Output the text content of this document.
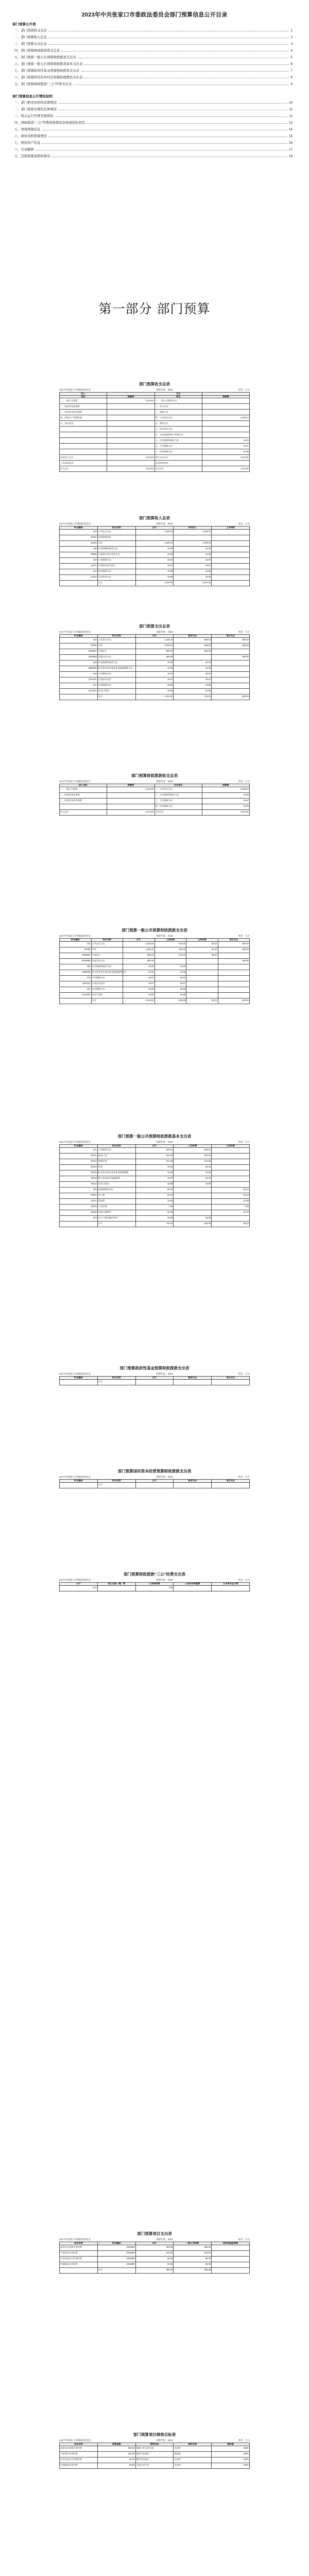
2023年中共张家口市委政法委员会部门预算信息公开目录
部门预算公开表
一、部门预算收支总表	1
二、部门预算收入总表	2
三、部门预算支出总表	3
四、部门预算财政拨款收支总表	4
五、部门预算一般公共预算财政拨款支出表	5
六、部门预算一般公共预算财政拨款基本支出表	6
七、部门预算政府性基金预算财政拨款支出表	7
八、部门预算国有资本经营预算财政拨款支出表	8
九、部门预算财政拨款“三公”经费支出表	9
部门预算信息公开情况说明
一、部门职责及机构设置情况	10
二、部门预算安排的总体情况	11
三、机关运行经费安排情况	12
四、财政拨款“三公”经费预算情况及增减变化原因	13
五、绩效预算信息	14
六、政府采购预算情况	15
七、国有资产信息	16
八、名词解释	17
九、其他需要说明的情况	18
第一部分 部门预算
部门预算收支总表
211中共张家口市委政法委员会	预算年度：2023	单位：万元
收入		支出	
项目	预算数	项目	预算数
一、一般公共预算	1,314.81	一、一般公共服务支出	
二、政府性基金预算		二、外交支出	
三、国有资本经营预算		三、国防支出	
四、财政专户管理资金		四、公共安全支出	1,239.24
五、单位资金		五、教育支出	
		六、科学技术支出	
		七、文化旅游体育与传媒支出	
		八、社会保障和就业支出	44.05
		九、卫生健康支出	15.57
		十、住房保障支出	15.95
本年收入合计	1,314.81	本年支出合计	1,314.81
上年结转结余		年终结转结余	
收入总计	1,314.81	支出总计	1,314.81
部门预算收入总表
211中共张家口市委政法委员会	预算年度：2023	单位：万元
科目编码	科目名称	合计	本年收入	上年结转
204	公共安全支出	1,239.24	1,239.24	
20401	武装警察部队			
20406	司法	1,239.24	1,239.24	
208	社会保障和就业支出	44.05	44.05	
20805	行政事业单位养老支出	44.05	44.05	
210	卫生健康支出	15.57	15.57	
21011	行政事业单位医疗	15.57	15.57	
221	住房保障支出	15.95	15.95	
22102	住房改革支出	15.95	15.95	
	合计	1,314.81	1,314.81	
部门预算支出总表
211中共张家口市委政法委员会	预算年度：2023	单位：万元
科目编码	科目名称	合计	基本支出	项目支出
204	公共安全支出	1,239.24	659.24	580.00
20406	司法	1,239.24	659.24	580.00
2040601	行政运行	659.24	659.24	
2040699	其他司法支出	580.00		580.00
208	社会保障和就业支出	44.05	44.05	
2080505	机关事业单位基本养老保险缴费支出	44.05	44.05	
210	卫生健康支出	15.57	15.57	
2101101	行政单位医疗	15.57	15.57	
221	住房保障支出	15.95	15.95	
2210201	住房公积金	15.95	15.95	
	合计	1,314.81	734.81	580.00
部门预算财政拨款收支总表
211中共张家口市委政法委员会	预算年度：2023	单位：万元
收入项目	预算数	支出项目	预算数
一、一般公共预算	1,314.81	一、公共安全支出	1,239.24
二、政府性基金预算		二、社会保障和就业支出	44.05
三、国有资本经营预算		三、卫生健康支出	15.57
		四、住房保障支出	15.95
收入总计	1,314.81	支出总计	1,314.81
部门预算一般公共预算财政拨款支出表
211中共张家口市委政法委员会	预算年度：2023	单位：万元
科目编码	科目名称	合计	人员经费	公用经费	项目支出
204	公共安全支出	1,239.24	570.02	89.22	580.00
20406	司法	1,239.24	570.02	89.22	580.00
2040601	行政运行	659.24	570.02	89.22	
2040699	其他司法支出	580.00			580.00
208	社会保障和就业支出	44.05	44.05		
2080505	机关事业单位基本养老保险缴费支出	44.05	44.05		
210	卫生健康支出	15.57	15.57		
2101101	行政单位医疗	15.57	15.57		
221	住房保障支出	15.95	15.95		
2210201	住房公积金	15.95	15.95		
	合计	1,314.81	645.59	89.22	580.00
部门预算一般公共预算财政拨款基本支出表
211中共张家口市委政法委员会	预算年度：2023	单位：万元
科目编码	科目名称	合计	人员经费	公用经费
301	工资福利支出	630.01	630.01	
30101	基本工资	182.20	182.20	
30102	津贴补贴	271.35	271.35	
30103	奖金	15.18	15.18	
30108	机关事业单位基本养老保险缴费	44.05	44.05	
30110	职工基本医疗保险缴费	15.57	15.57	
30113	住房公积金	15.95	15.95	
302	商品和服务支出	89.22		89.22
30201	办公费	20.10		20.10
30211	差旅费	10.00		10.00
30228	工会经费	7.80		7.80
30239	其他交通费用	32.40		32.40
303	对个人和家庭的补助	15.58	15.58	
	合计	734.81	645.59	89.22
部门预算政府性基金预算财政拨款支出表
211中共张家口市委政法委员会	预算年度：2023	单位：万元
科目编码	科目名称	合计	基本支出	项目支出
	合计			
部门预算国有资本经营预算财政拨款支出表
211中共张家口市委政法委员会	预算年度：2023	单位：万元
科目编码	科目名称	合计	基本支出	项目支出
	合计			
部门预算财政拨款“三公”经费支出表
211中共张家口市委政法委员会	预算年度：2023	单位：万元
合计	因公出国（境）费	公务接待费	公务用车购置费	公务用车运行费
3.00		3.00		
部门预算项目支出表
211中共张家口市委政法委员会	预算年度：2023	单位：万元
项目名称	科目编码	合计	一般公共预算	政府性基金预算
政法综合治理专项经费	2040699	300.00	300.00	
平安建设专项经费	2040699	150.00	150.00	
社会治安综合治理经费	2040699	80.00	80.00	
扫黑除恶专项经费	2040699	50.00	50.00	
	合计	580.00	580.00	
部门预算项目绩效目标表
211中共张家口市委政法委员会	预算年度：2023	单位：万元
项目名称	预算金额	绩效目标	指标名称	指标值
政法综合治理专项经费	300.00	保障工作正常开展	完成率	100%
平安建设专项经费	150.00	推进平安建设	满意度	≥90%
社会治安综合治理经费	80.00	维护社会稳定	完成率	100%
扫黑除恶专项经费	50.00	开展专项斗争	完成率	100%
